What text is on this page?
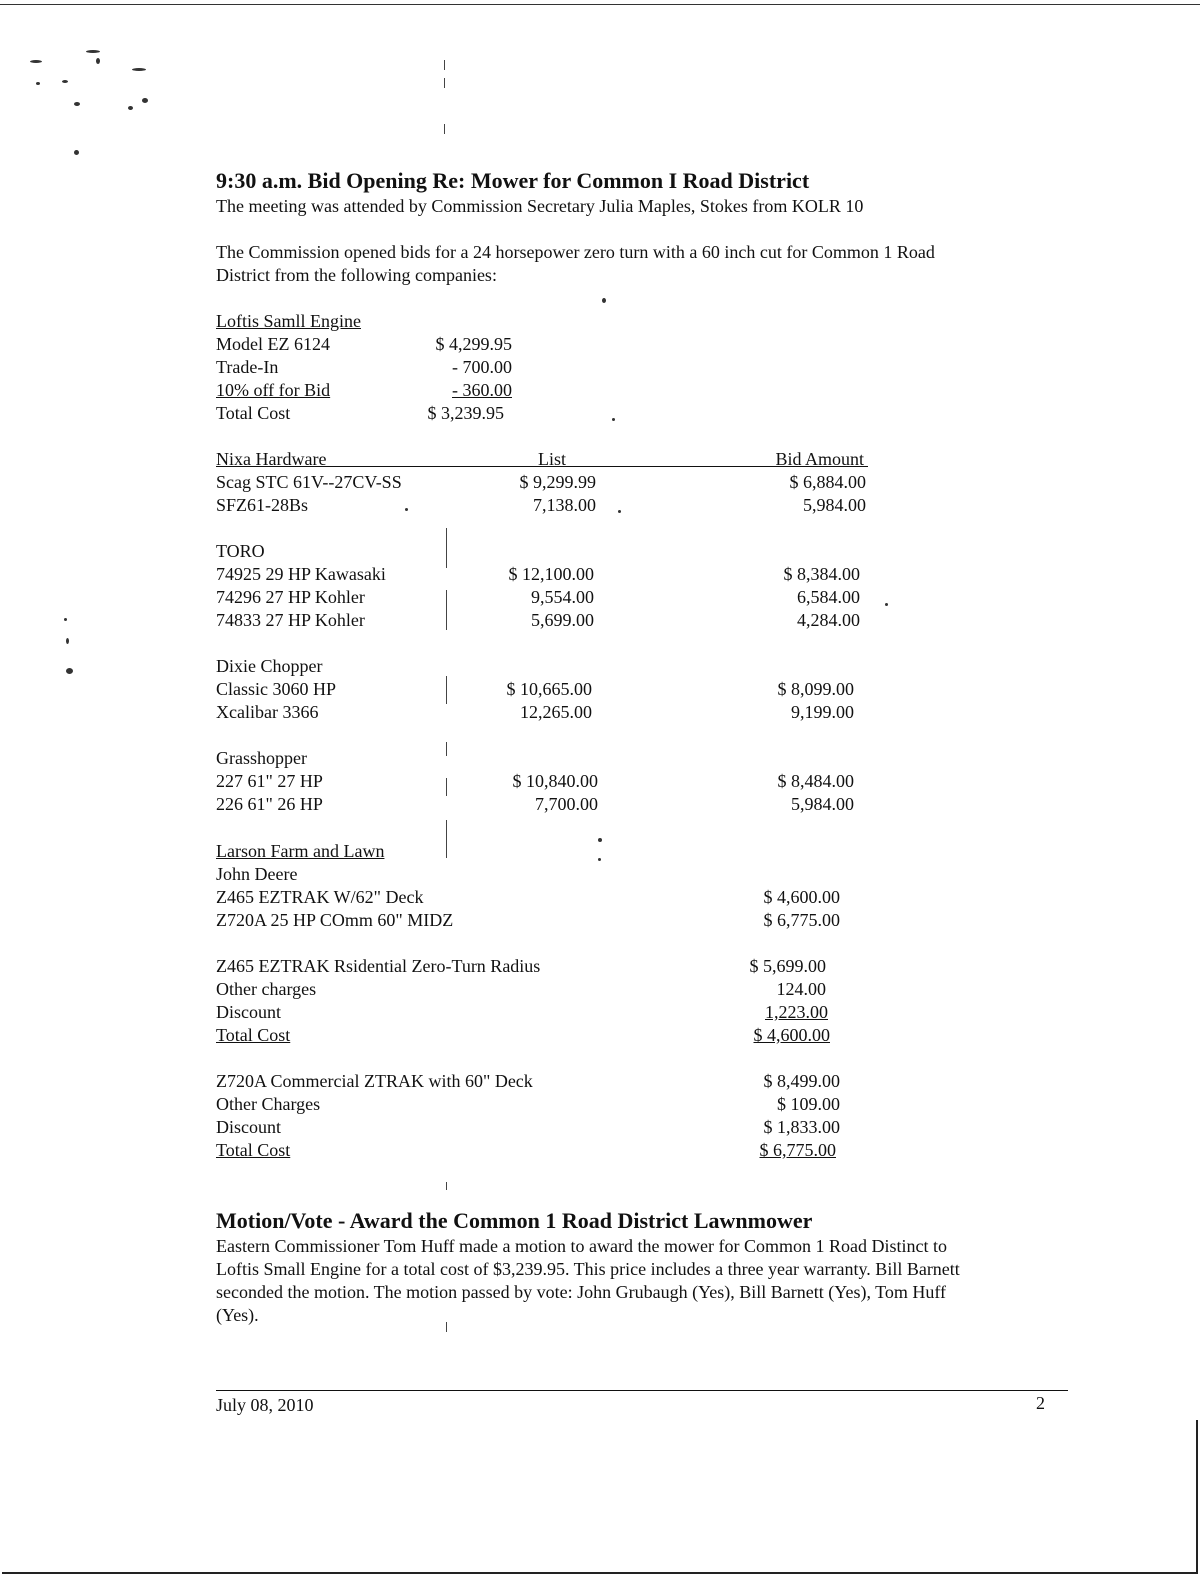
9:30 a.m. Bid Opening Re: Mower for Common I Road District
The meeting was attended by Commission Secretary Julia Maples, Stokes from KOLR 10
The Commission opened bids for a 24 horsepower zero turn with a 60 inch cut for Common 1 Road
District from the following companies:
Loftis Samll Engine
Model EZ 6124	$ 4,299.95
Trade-In	- 700.00
10% off for Bid	- 360.00
Total Cost	$ 3,239.95
Nixa Hardware	List	Bid Amount
Scag STC 61V--27CV-SS	$ 9,299.99	$ 6,884.00
SFZ61-28Bs	7,138.00	5,984.00
TORO
74925 29 HP Kawasaki	$ 12,100.00	$ 8,384.00
74296 27 HP Kohler	9,554.00	6,584.00
74833 27 HP Kohler	5,699.00	4,284.00
Dixie Chopper
Classic 3060 HP	$ 10,665.00	$ 8,099.00
Xcalibar 3366	12,265.00	9,199.00
Grasshopper
227 61" 27 HP	$ 10,840.00	$ 8,484.00
226 61" 26 HP	7,700.00	5,984.00
Larson Farm and Lawn
John Deere
Z465 EZTRAK W/62" Deck	$ 4,600.00
Z720A 25 HP COmm 60" MIDZ	$ 6,775.00
Z465 EZTRAK Rsidential Zero-Turn Radius	$ 5,699.00
Other charges	124.00
Discount	1,223.00
Total Cost	$ 4,600.00
Z720A Commercial ZTRAK with 60" Deck	$ 8,499.00
Other Charges	$ 109.00
Discount	$ 1,833.00
Total Cost	$ 6,775.00
Motion/Vote - Award the Common 1 Road District Lawnmower
Eastern Commissioner Tom Huff made a motion to award the mower for Common 1 Road Distinct to
Loftis Small Engine for a total cost of $3,239.95. This price includes a three year warranty. Bill Barnett
seconded the motion. The motion passed by vote: John Grubaugh (Yes), Bill Barnett (Yes), Tom Huff
(Yes).
July 08, 2010	2
